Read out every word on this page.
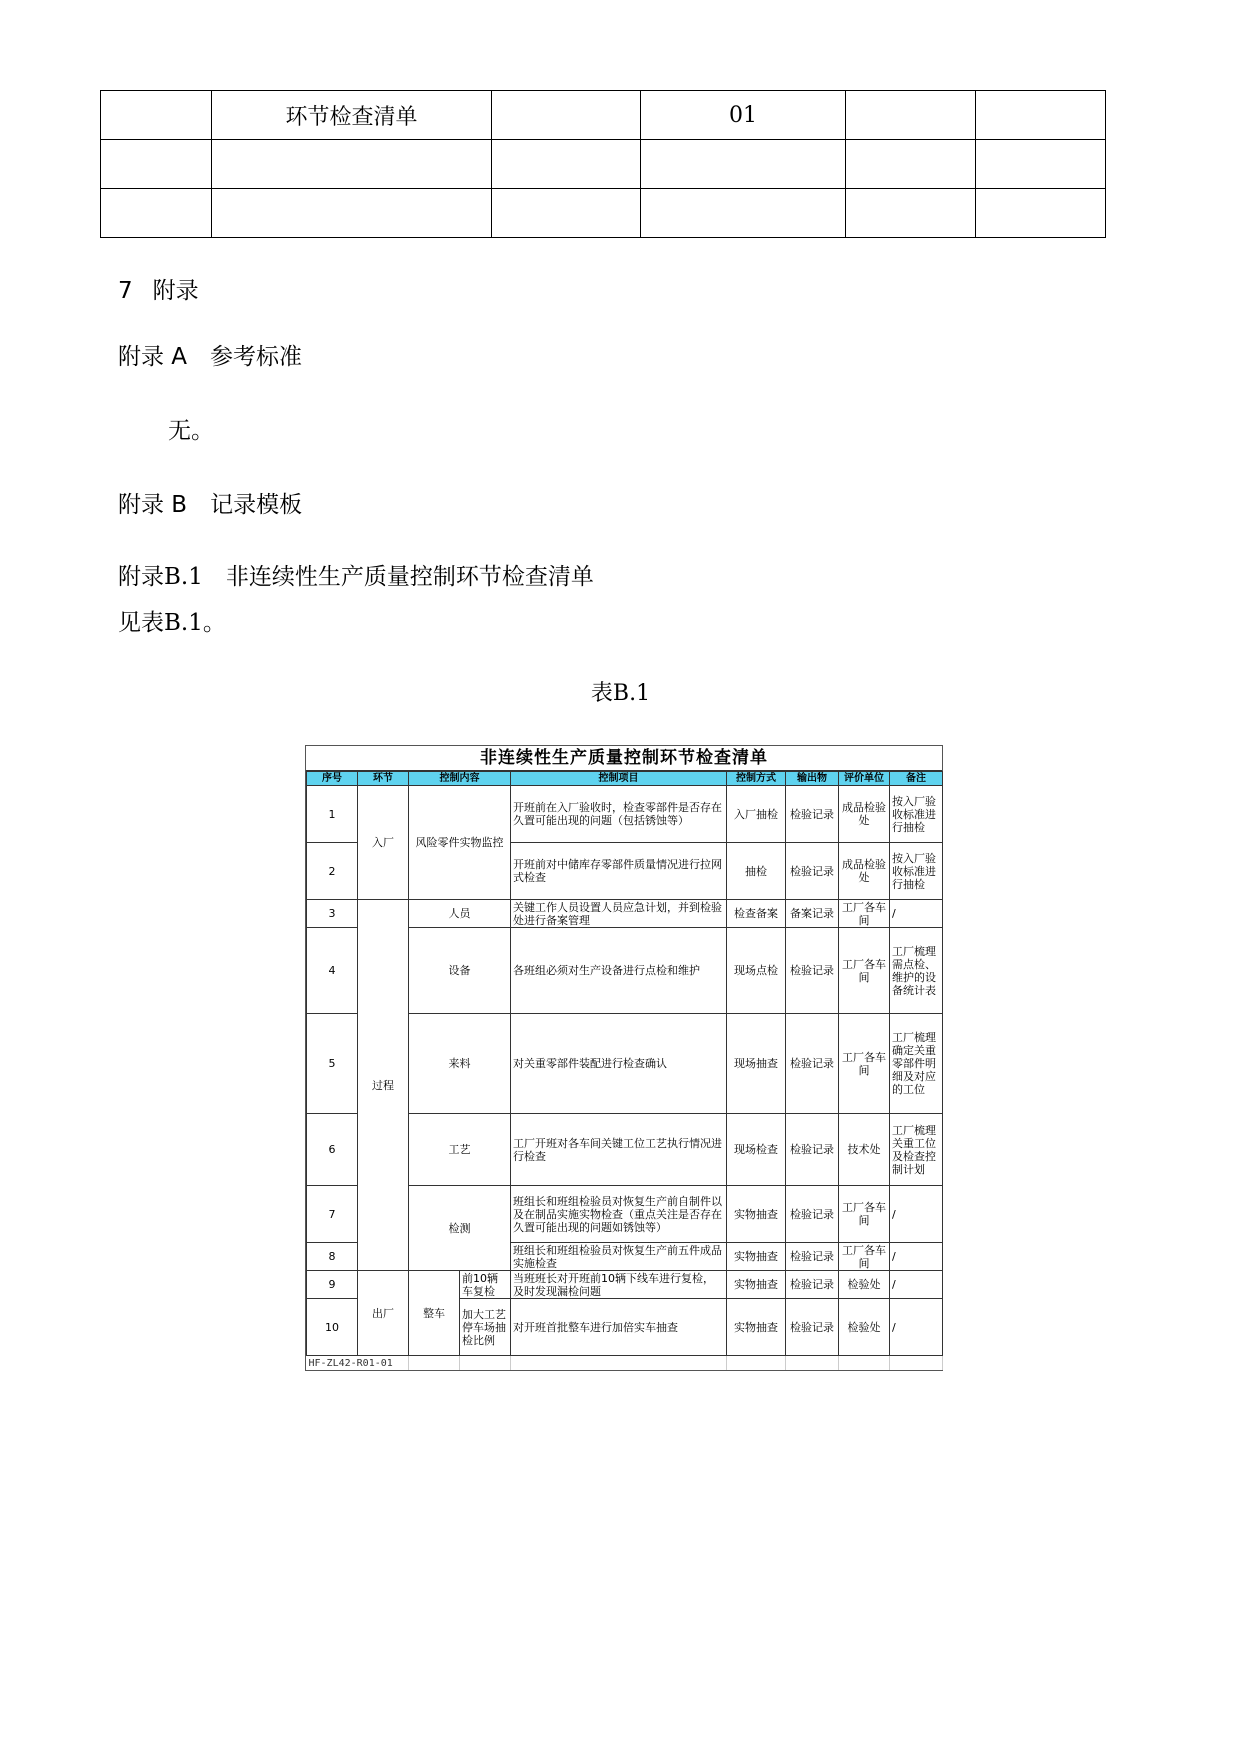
	环节检查清单		01		

7 附录
附录 A　参考标准
无。
附录 B　记录模板
附录B.1　非连续性生产质量控制环节检查清单
见表B.1。
表B.1
非连续性生产质量控制环节检查清单
序号	环节	控制内容		控制项目	控制方式	输出物	评价单位	备注
1	入厂	风险零件实物监控		开班前在入厂验收时，检查零部件是否存在久置可能出现的问题（包括锈蚀等）	入厂抽检	检验记录	成品检验处	按入厂验收标准进行抽检
2				开班前对中储库存零部件质量情况进行拉网式检查	抽检	检验记录	成品检验处	按入厂验收标准进行抽检
3	过程	人员		关键工作人员设置人员应急计划，并到检验处进行备案管理	检查备案	备案记录	工厂各车间	/
4		设备		各班组必须对生产设备进行点检和维护	现场点检	检验记录	工厂各车间	工厂梳理需点检、维护的设备统计表
5		来料		对关重零部件装配进行检查确认	现场抽查	检验记录	工厂各车间	工厂梳理确定关重零部件明细及对应的工位
6		工艺		工厂开班对各车间关键工位工艺执行情况进行检查	现场检查	检验记录	技术处	工厂梳理关重工位及检查控制计划
7		检测		班组长和班组检验员对恢复生产前自制件以及在制品实施实物检查（重点关注是否存在久置可能出现的问题如锈蚀等）	实物抽查	检验记录	工厂各车间	/
8				班组长和班组检验员对恢复生产前五件成品实施检查	实物抽查	检验记录	工厂各车间	/
9	出厂	整车	前10辆车复检	当班班长对开班前10辆下线车进行复检，及时发现漏检问题	实物抽查	检验记录	检验处	/
10			加大工艺停车场抽检比例	对开班首批整车进行加倍实车抽查	实物抽查	检验记录	检验处	/
HF-ZL42-R01-01								
